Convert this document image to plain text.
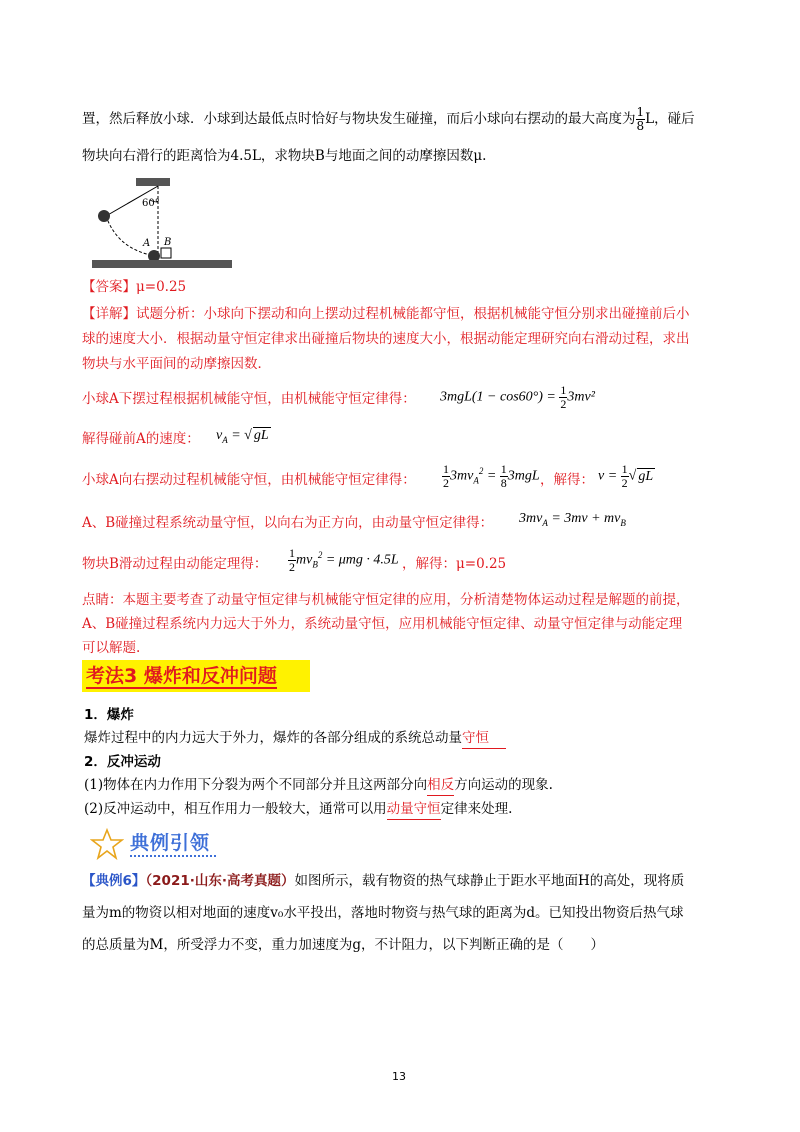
置，然后释放小球．小球到达最低点时恰好与物块发生碰撞，而后小球向右摆动的最大高度为 $\frac{1}{8}$ L，碰后
物块向右滑行的距离恰为4.5L，求物块B与地面之间的动摩擦因数μ.
60°
A B
【答案】μ=0.25
【详解】试题分析：小球向下摆动和向上摆动过程机械能都守恒，根据机械能守恒分别求出碰撞前后小
球的速度大小．根据动量守恒定律求出碰撞后物块的速度大小，根据动能定理研究向右滑动过程，求出
物块与水平面间的动摩擦因数．
小球A下摆过程根据机械能守恒，由机械能守恒定律得： $3mgL(1 - \cos 60^\circ) = \frac{1}{2} 3mv^2$
解得碰前A的速度： $v_A$ = √ gL
小球A向右摆动过程机械能守恒，由机械能守恒定律得： $\frac{1}{2} 3mv_A^2 = \frac{1}{8} 3mgL$ ，解得： $v = \frac{1}{2}$ √ gL
A、B碰撞过程系统动量守恒，以向右为正方向，由动量守恒定律得： $3mv_A = 3mv + mv_B$
物块B滑动过程由动能定理得： $\frac{1}{2} mv_B^2 = \mu mg \cdot 4.5L$ ，解得：μ=0.25
点睛：本题主要考查了动量守恒定律与机械能守恒定律的应用，分析清楚物体运动过程是解题的前提，
A、B碰撞过程系统内力远大于外力，系统动量守恒，应用机械能守恒定律、动量守恒定律与动能定理
可以解题.
考法3 爆炸和反冲问题
1．爆炸
爆炸过程中的内力远大于外力，爆炸的各部分组成的系统总动量守恒
2．反冲运动
(1)物体在内力作用下分裂为两个不同部分并且这两部分向相反方向运动的现象.
(2)反冲运动中，相互作用力一般较大，通常可以用动量守恒定律来处理.
典例引领
【典例6】（2021·山东·高考真题）如图所示，载有物资的热气球静止于距水平地面H的高处，现将质
量为m的物资以相对地面的速度v₀水平投出，落地时物资与热气球的距离为d。已知投出物资后热气球
的总质量为M，所受浮力不变，重力加速度为g，不计阻力，以下判断正确的是（　　）
13
